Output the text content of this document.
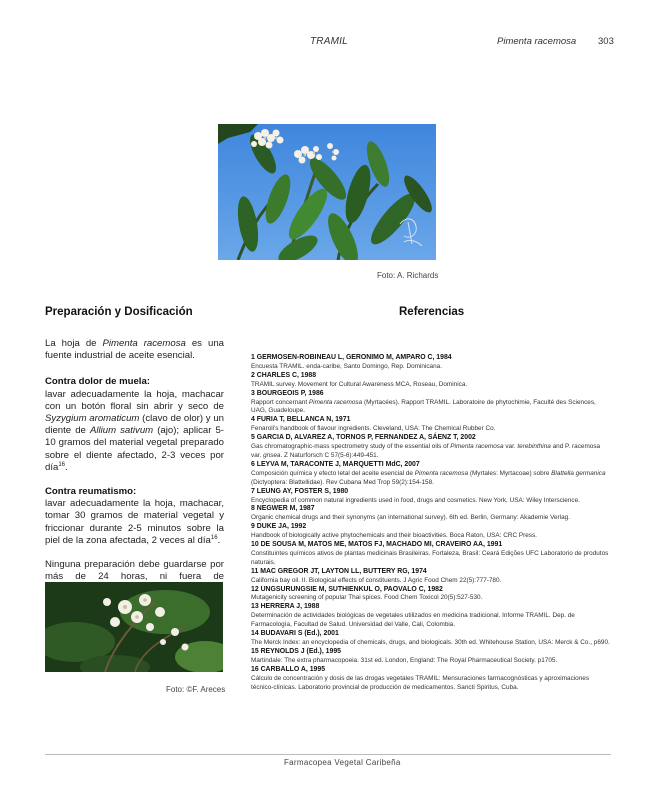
TRAMIL	Pimenta racemosa 303
Foto: A. Richards
Preparación y Dosificación

La hoja de Pimenta racemosa es una fuente industrial de aceite esencial.

Contra dolor de muela:

lavar adecuadamente la hoja, machacar con un botón floral sin abrir y seco de Syzygium aromaticum (clavo de olor) y un diente de Allium sativum (ajo); aplicar 5-10 gramos del material vegetal preparado sobre el diente afectado, 2-3 veces por día$^{16}$.

Contra reumatismo:

lavar adecuadamente la hoja, machacar, tomar 30 gramos de material vegetal y friccionar durante 2-5 minutos sobre la piel de la zona afectada, 2 veces al día$^{16}$.

Ninguna preparación debe guardarse por más de 24 horas, ni fuera de

Foto: ©F. Areces
Referencias
1 GERMOSEN-ROBINEAU L, GERONIMO M, AMPARO C, 1984
Encuesta TRAMIL. enda-caribe, Santo Domingo, Rep. Dominicana.
2 CHARLES C, 1988
TRAMIL survey. Movement for Cultural Awareness MCA, Roseau, Dominica.
3 BOURGEOIS P, 1986
Rapport concernant Pimenta racemosa (Myrtacées). Rapport TRAMIL. Laboratoire de phytochimie, Faculté des Sciences, UAG, Guadeloupe.
4 FURIA T, BELLANCA N, 1971
Fenaroli's handbook of flavour ingredients. Cleveland, USA: The Chemical Rubber Co.
5 GARCIA D, ALVAREZ A, TORNOS P, FERNANDEZ A, SÁENZ T, 2002
Gas chromatographic-mass spectrometry study of the essential oils of Pimenta racemosa var. terebinthina and P. racemosa var. grisea. Z Naturforsch C 57(5-6):449-451.
6 LEYVA M, TARACONTE J, MARQUETTI MdC, 2007
Composición química y efecto letal del aceite esencial de Pimenta racemosa (Myrtales: Myrtacoae) sobre Blattella germanica (Dictyoptera: Blattellidae). Rev Cubana Med Trop 59(2):154-158.
7 LEUNG AY, FOSTER S, 1980
Encyclopedia of common natural ingredients used in food, drugs and cosmetics. New York, USA: Wiley Interscience.
8 NEGWER M, 1987
Organic chemical drugs and their synonyms (an international survey). 6th ed. Berlin, Germany: Akademie Verlag.
9 DUKE JA, 1992
Handbook of biologically active phytochemicals and their bioactivities. Boca Raton, USA: CRC Press.
10 DE SOUSA M, MATOS ME, MATOS FJ, MACHADO MI, CRAVEIRO AA, 1991
Constituintes químicos ativos de plantas medicinais Brasileiras. Fortaleza, Brasil: Ceará Edições UFC Laboratorio de produtos naturais.
11 MAC GREGOR JT, LAYTON LL, BUTTERY RG, 1974
California bay oil. II. Biological effects of constituents. J Agric Food Chem 22(5):777-780.
12 UNGSURUNGSIE M, SUTHIENKUL O, PAOVALO C, 1982
Mutagenicity screening of popular Thai spices. Food Chem Toxicol 20(5):527-530.
13 HERRERA J, 1988
Determinación de actividades biológicas de vegetales utilizados en medicina tradicional. Informe TRAMIL. Dep. de Farmacología, Facultad de Salud. Universidad del Valle, Cali, Colombia.
14 BUDAVARI S (Ed.), 2001
The Merck Index: an encyclopedia of chemicals, drugs, and biologicals. 30th ed. Whitehouse Station, USA: Merck & Co., p690.
15 REYNOLDS J (Ed.), 1995
Martindale: The extra pharmacopoeia. 31st ed. London, England: The Royal Pharmaceutical Society. p1705.
16 CARBALLO A, 1995
Cálculo de concentración y dosis de las drogas vegetales TRAMIL: Mensuraciones farmacognósticas y aproximaciones técnico-clínicas. Laboratorio provincial de producción de medicamentos. Sancti Spiritus, Cuba.
Farmacopea Vegetal Caribeña
